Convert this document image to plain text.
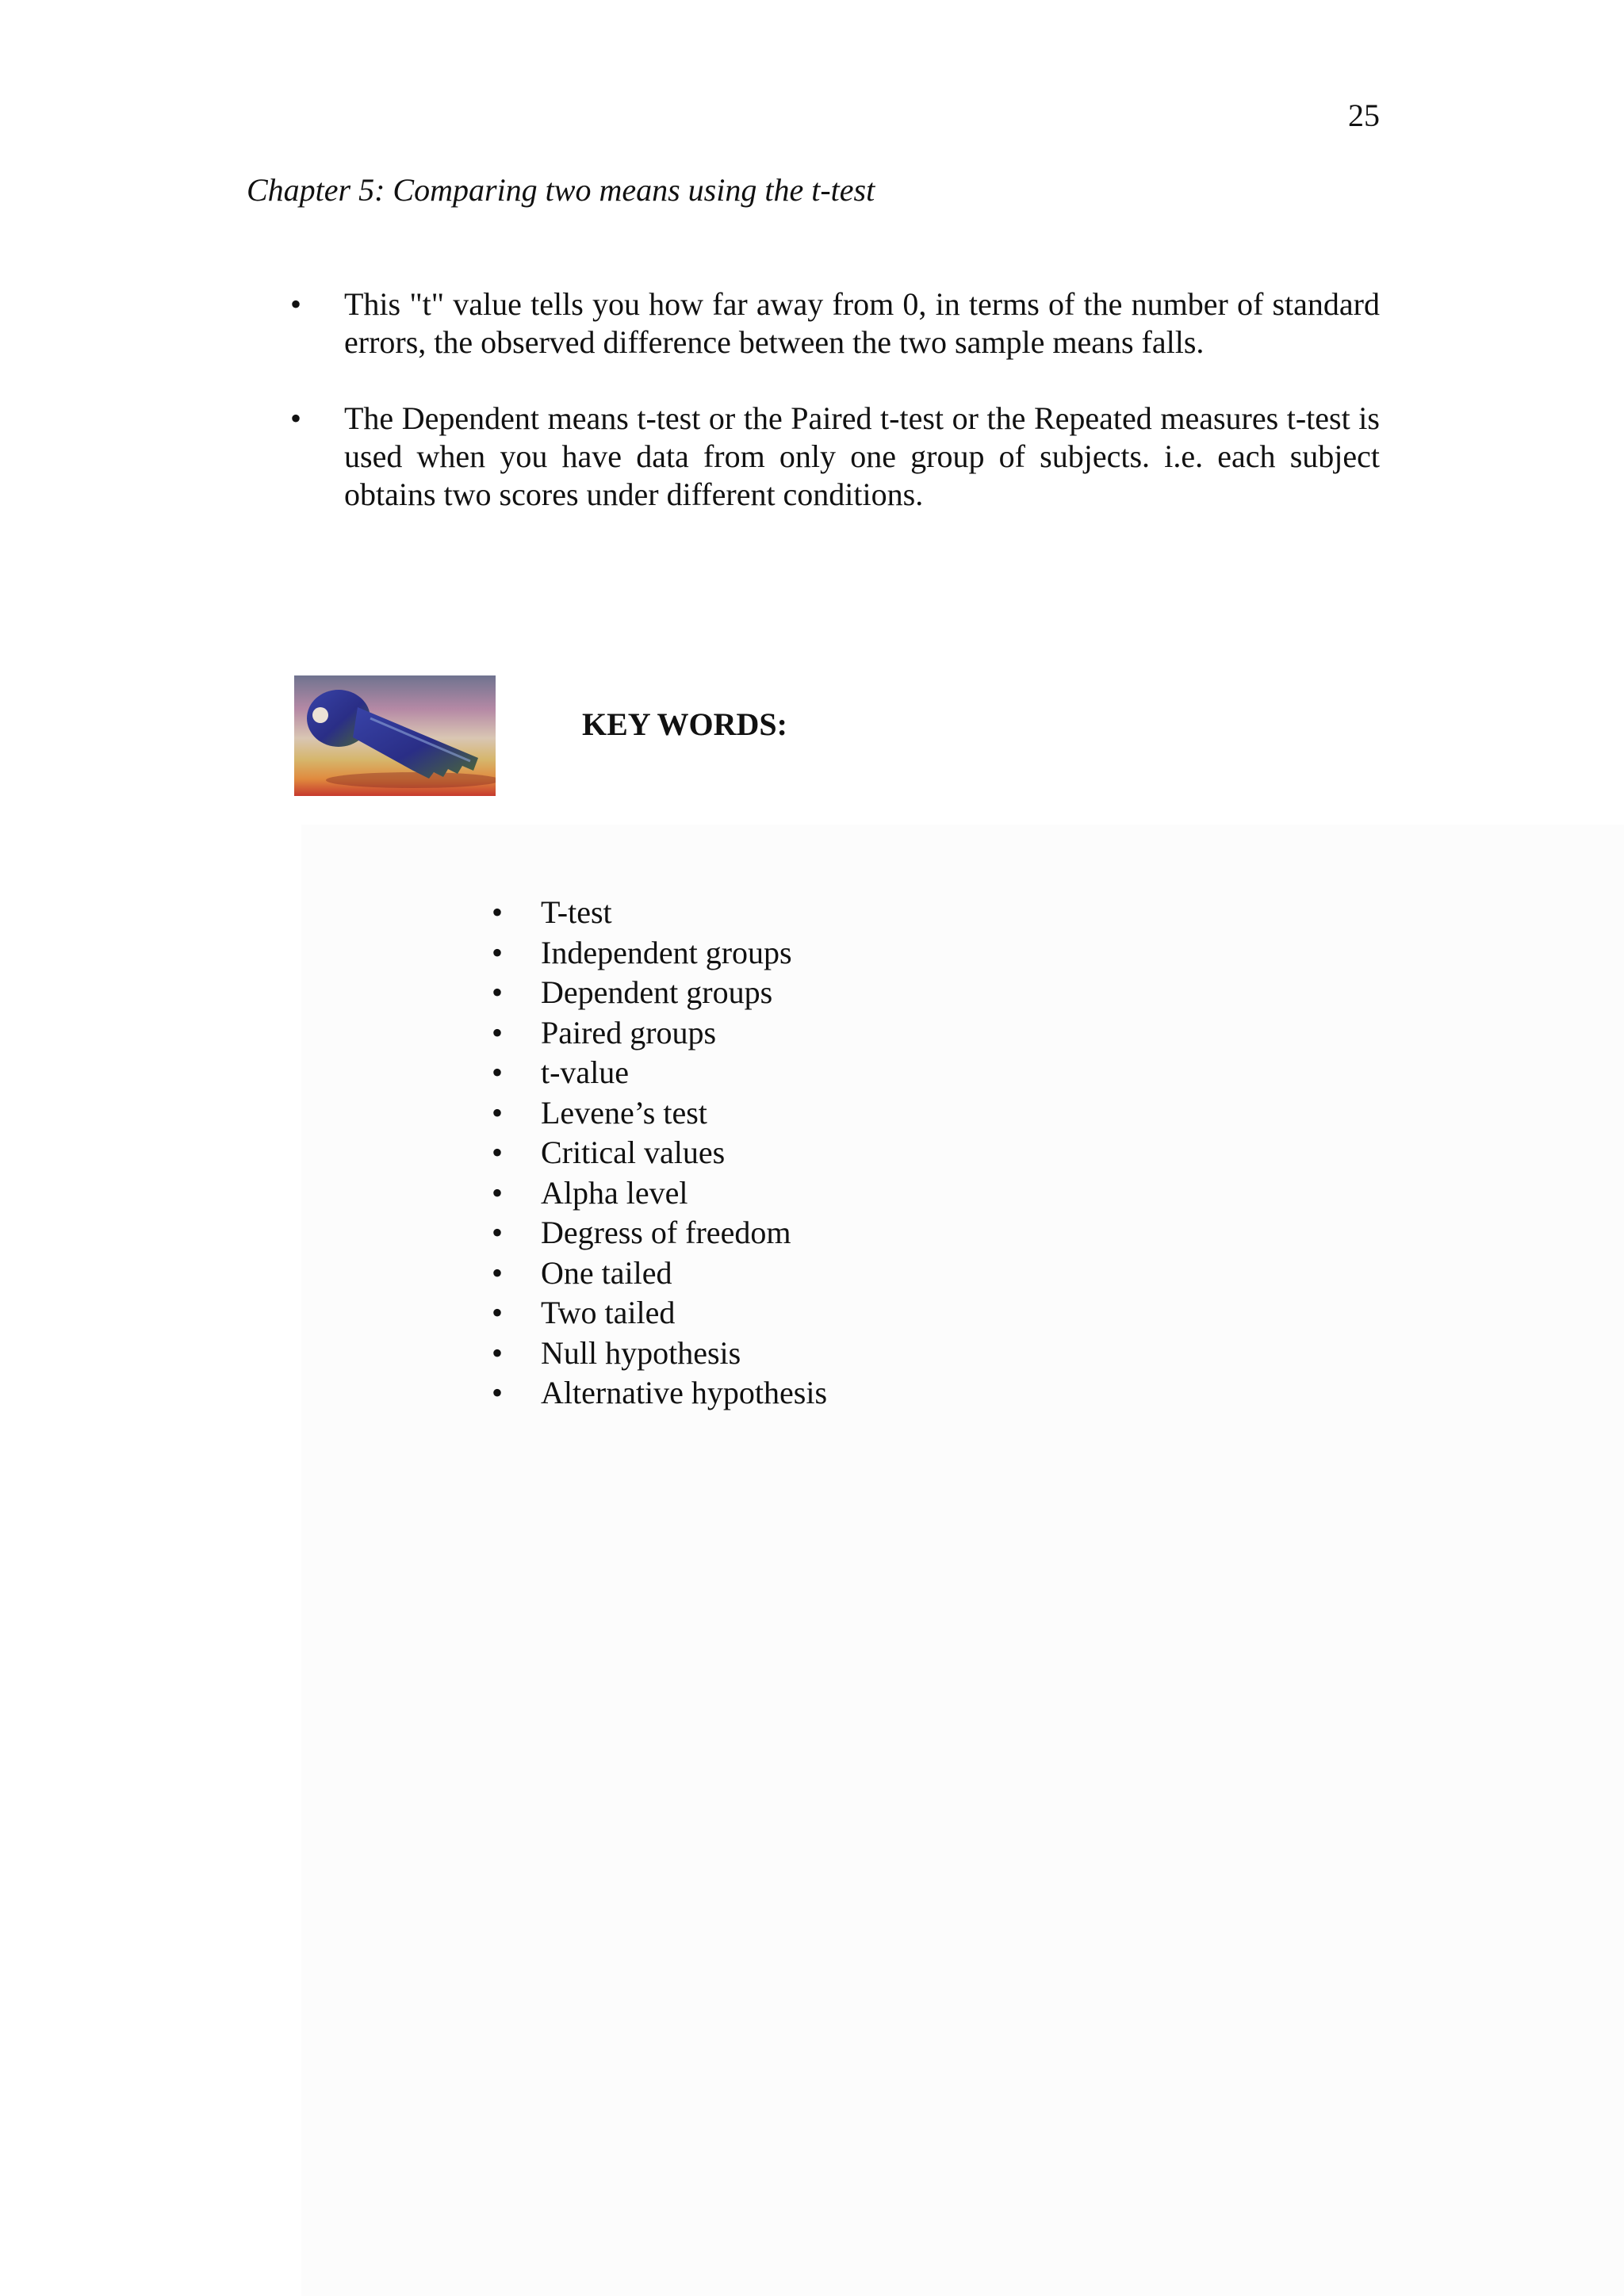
25
Chapter 5: Comparing two means using the t-test
• This "t" value tells you how far away from 0, in terms of the number of standard errors, the observed difference between the two sample means falls.
• The Dependent means t-test or the Paired t-test or the Repeated measures t-test is used when you have data from only one group of subjects. i.e. each subject obtains two scores under different conditions.
KEY WORDS:
• T-test
• Independent groups
• Dependent groups
• Paired groups
• t-value
• Levene’s test
• Critical values
• Alpha level
• Degress of freedom
• One tailed
• Two tailed
• Null hypothesis
• Alternative hypothesis
